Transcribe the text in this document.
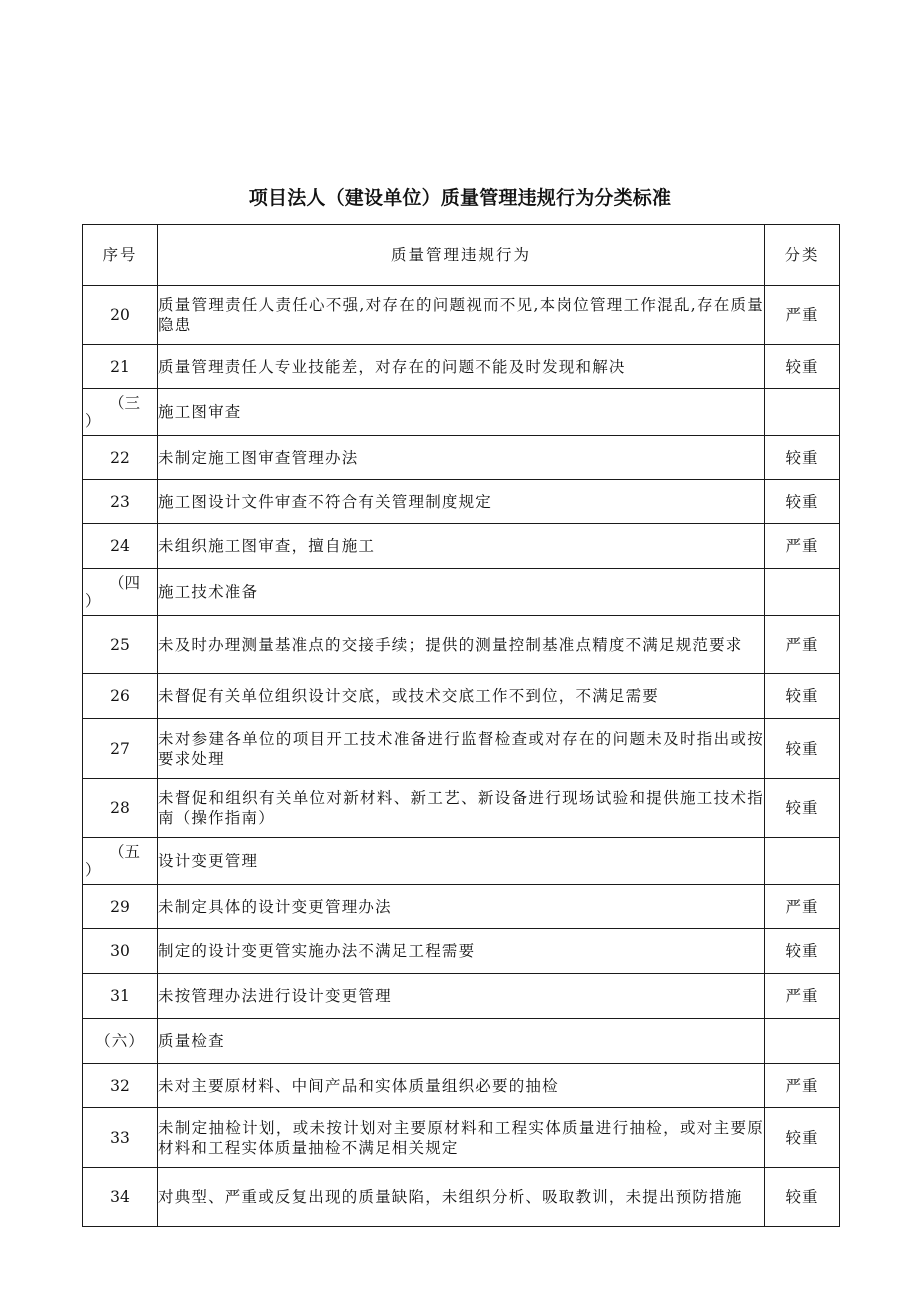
项目法人（建设单位）质量管理违规行为分类标准
序号	质量管理违规行为	分类
20	质量管理责任人责任心不强,对存在的问题视而不见,本岗位管理工作混乱,存在质量隐患	严重
21	质量管理责任人专业技能差，对存在的问题不能及时发现和解决	较重

（三
）	施工图审查	
22	未制定施工图审查管理办法	较重
23	施工图设计文件审查不符合有关管理制度规定	较重
24	未组织施工图审查，擅自施工	严重

（四
）	施工技术准备	
25	未及时办理测量基准点的交接手续；提供的测量控制基准点精度不满足规范要求	严重
26	未督促有关单位组织设计交底，或技术交底工作不到位，不满足需要	较重
27	未对参建各单位的项目开工技术准备进行监督检查或对存在的问题未及时指出或按要求处理	较重
28	未督促和组织有关单位对新材料、新工艺、新设备进行现场试验和提供施工技术指南（操作指南）	较重

（五
）	设计变更管理	
29	未制定具体的设计变更管理办法	严重
30	制定的设计变更管实施办法不满足工程需要	较重
31	未按管理办法进行设计变更管理	严重
（六）	质量检查	
32	未对主要原材料、中间产品和实体质量组织必要的抽检	严重
33	未制定抽检计划，或未按计划对主要原材料和工程实体质量进行抽检，或对主要原材料和工程实体质量抽检不满足相关规定	较重
34	对典型、严重或反复出现的质量缺陷，未组织分析、吸取教训，未提出预防措施	较重
